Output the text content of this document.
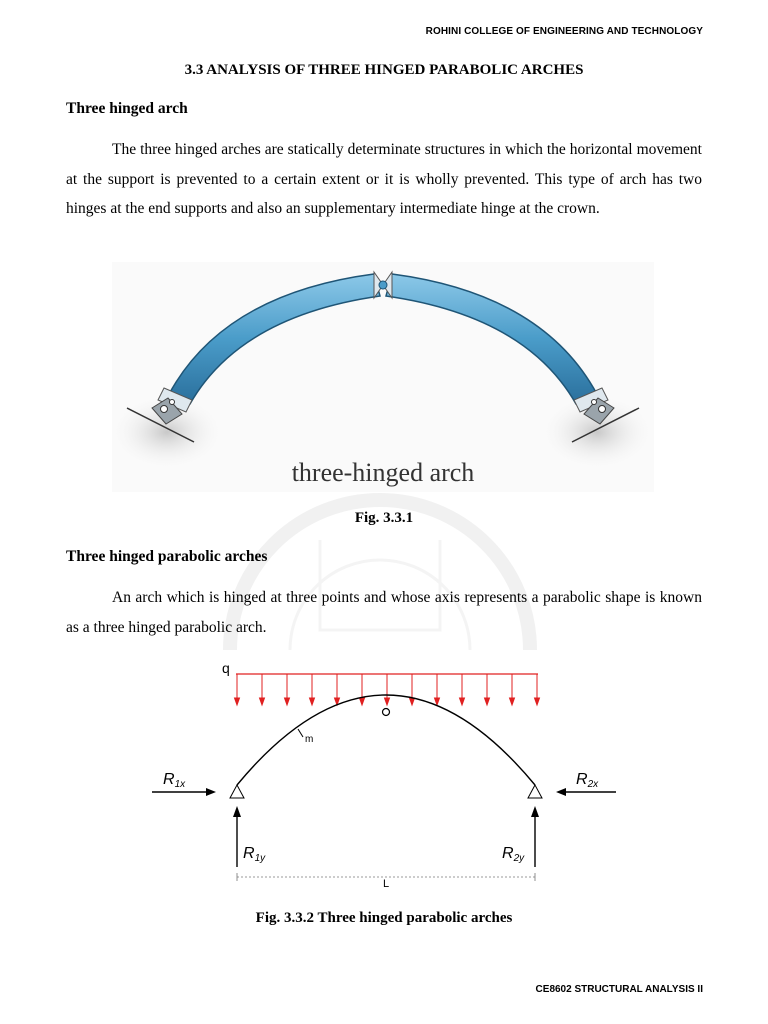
ROHINI COLLEGE OF ENGINEERING AND TECHNOLOGY
3.3 ANALYSIS OF THREE HINGED PARABOLIC ARCHES
Three hinged arch
The three hinged arches are statically determinate structures in which the horizontal movement at the support is prevented to a certain extent or it is wholly prevented. This type of arch has two hinges at the end supports and also an supplementary intermediate hinge at the crown.
three-hinged arch
Fig. 3.3.1
Three hinged parabolic arches
An arch which is hinged at three points and whose axis represents a parabolic shape is known as a three hinged parabolic arch.
q
m
R1x	R2x
R1y	R2y
L
Fig. 3.3.2 Three hinged parabolic arches
CE8602 STRUCTURAL ANALYSIS II
